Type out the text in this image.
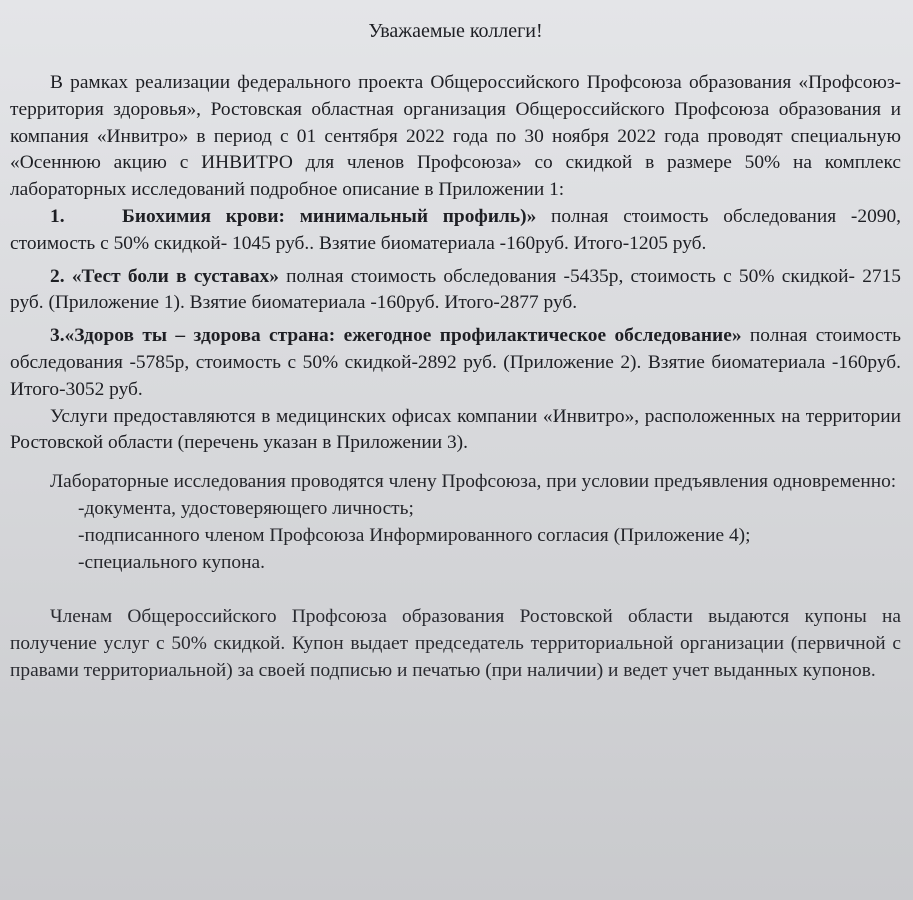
Уважаемые коллеги!

В рамках реализации федерального проекта Общероссийского Профсоюза образования «Профсоюз-территория здоровья», Ростовская областная организация Общероссийского Профсоюза образования и компания «Инвитро» в период с 01 сентября 2022 года по 30 ноября 2022 года проводят специальную «Осеннюю акцию с ИНВИТРО для членов Профсоюза» со скидкой в размере 50% на комплекс лабораторных исследований подробное описание в Приложении 1:

1.	Биохимия крови: минимальный профиль)» полная стоимость обследования -2090, стоимость с 50% скидкой- 1045 руб.. Взятие биоматериала -160руб. Итого-1205 руб.

2. «Тест боли в суставах» полная стоимость обследования -5435р, стоимость с 50% скидкой- 2715 руб. (Приложение 1). Взятие биоматериала -160руб. Итого-2877 руб.

3.«Здоров ты – здорова страна: ежегодное профилактическое обследование» полная стоимость обследования -5785р, стоимость с 50% скидкой-2892 руб. (Приложение 2). Взятие биоматериала -160руб. Итого-3052 руб.

Услуги предоставляются в медицинских офисах компании «Инвитро», расположенных на территории Ростовской области (перечень указан в Приложении 3).

Лабораторные исследования проводятся члену Профсоюза, при условии предъявления одновременно:

-документа, удостоверяющего личность;

-подписанного членом Профсоюза Информированного согласия (Приложение 4);

-специального купона.

Членам Общероссийского Профсоюза образования Ростовской области выдаются купоны на получение услуг с 50% скидкой. Купон выдает председатель территориальной организации (первичной с правами территориальной) за своей подписью и печатью (при наличии) и ведет учет выданных купонов.
